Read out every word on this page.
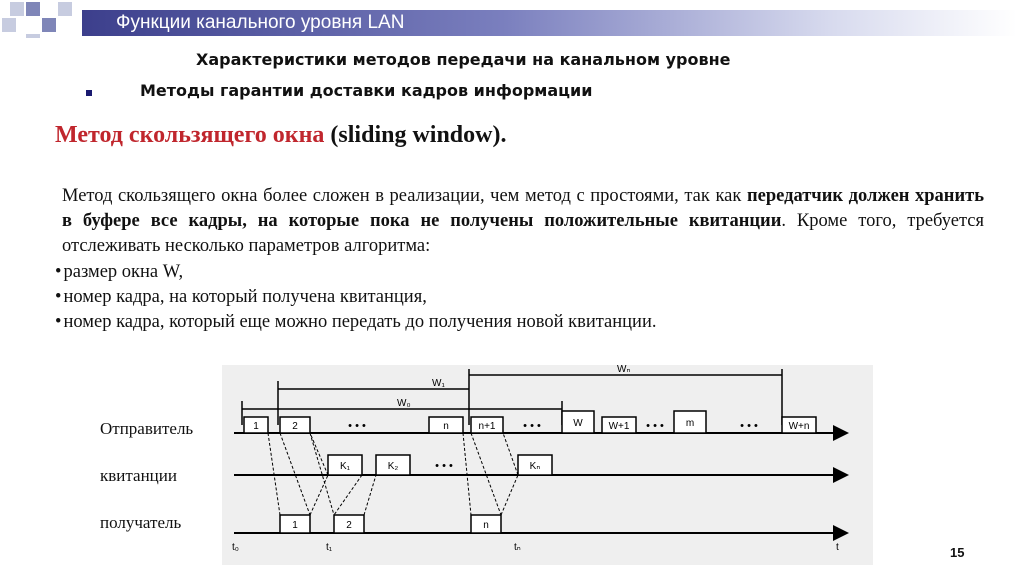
Функции канального уровня LAN
Характеристики методов передачи на канальном уровне
Методы гарантии доставки кадров информации
Метод скользящего окна (sliding window).
Метод скользящего окна более сложен в реализации, чем метод с простоями, так как передатчик должен хранить в буфере все кадры, на которые пока не получены положительные квитанции. Кроме того, требуется отслеживать несколько параметров алгоритма:
• размер окна W,
• номер кадра, на который получена квитанция,
• номер кадра, который еще можно передать до получения новой квитанции.
Отправитель
квитанции
получатель
W₁
Wₙ
W₀
1	2	• • •	n	n+1	• • •	W	W+1 • • • m	• • •	W+n
K₁	K₂	• • •	Kₙ
1	2	n
t₀	t₁	tₙ	t	15
